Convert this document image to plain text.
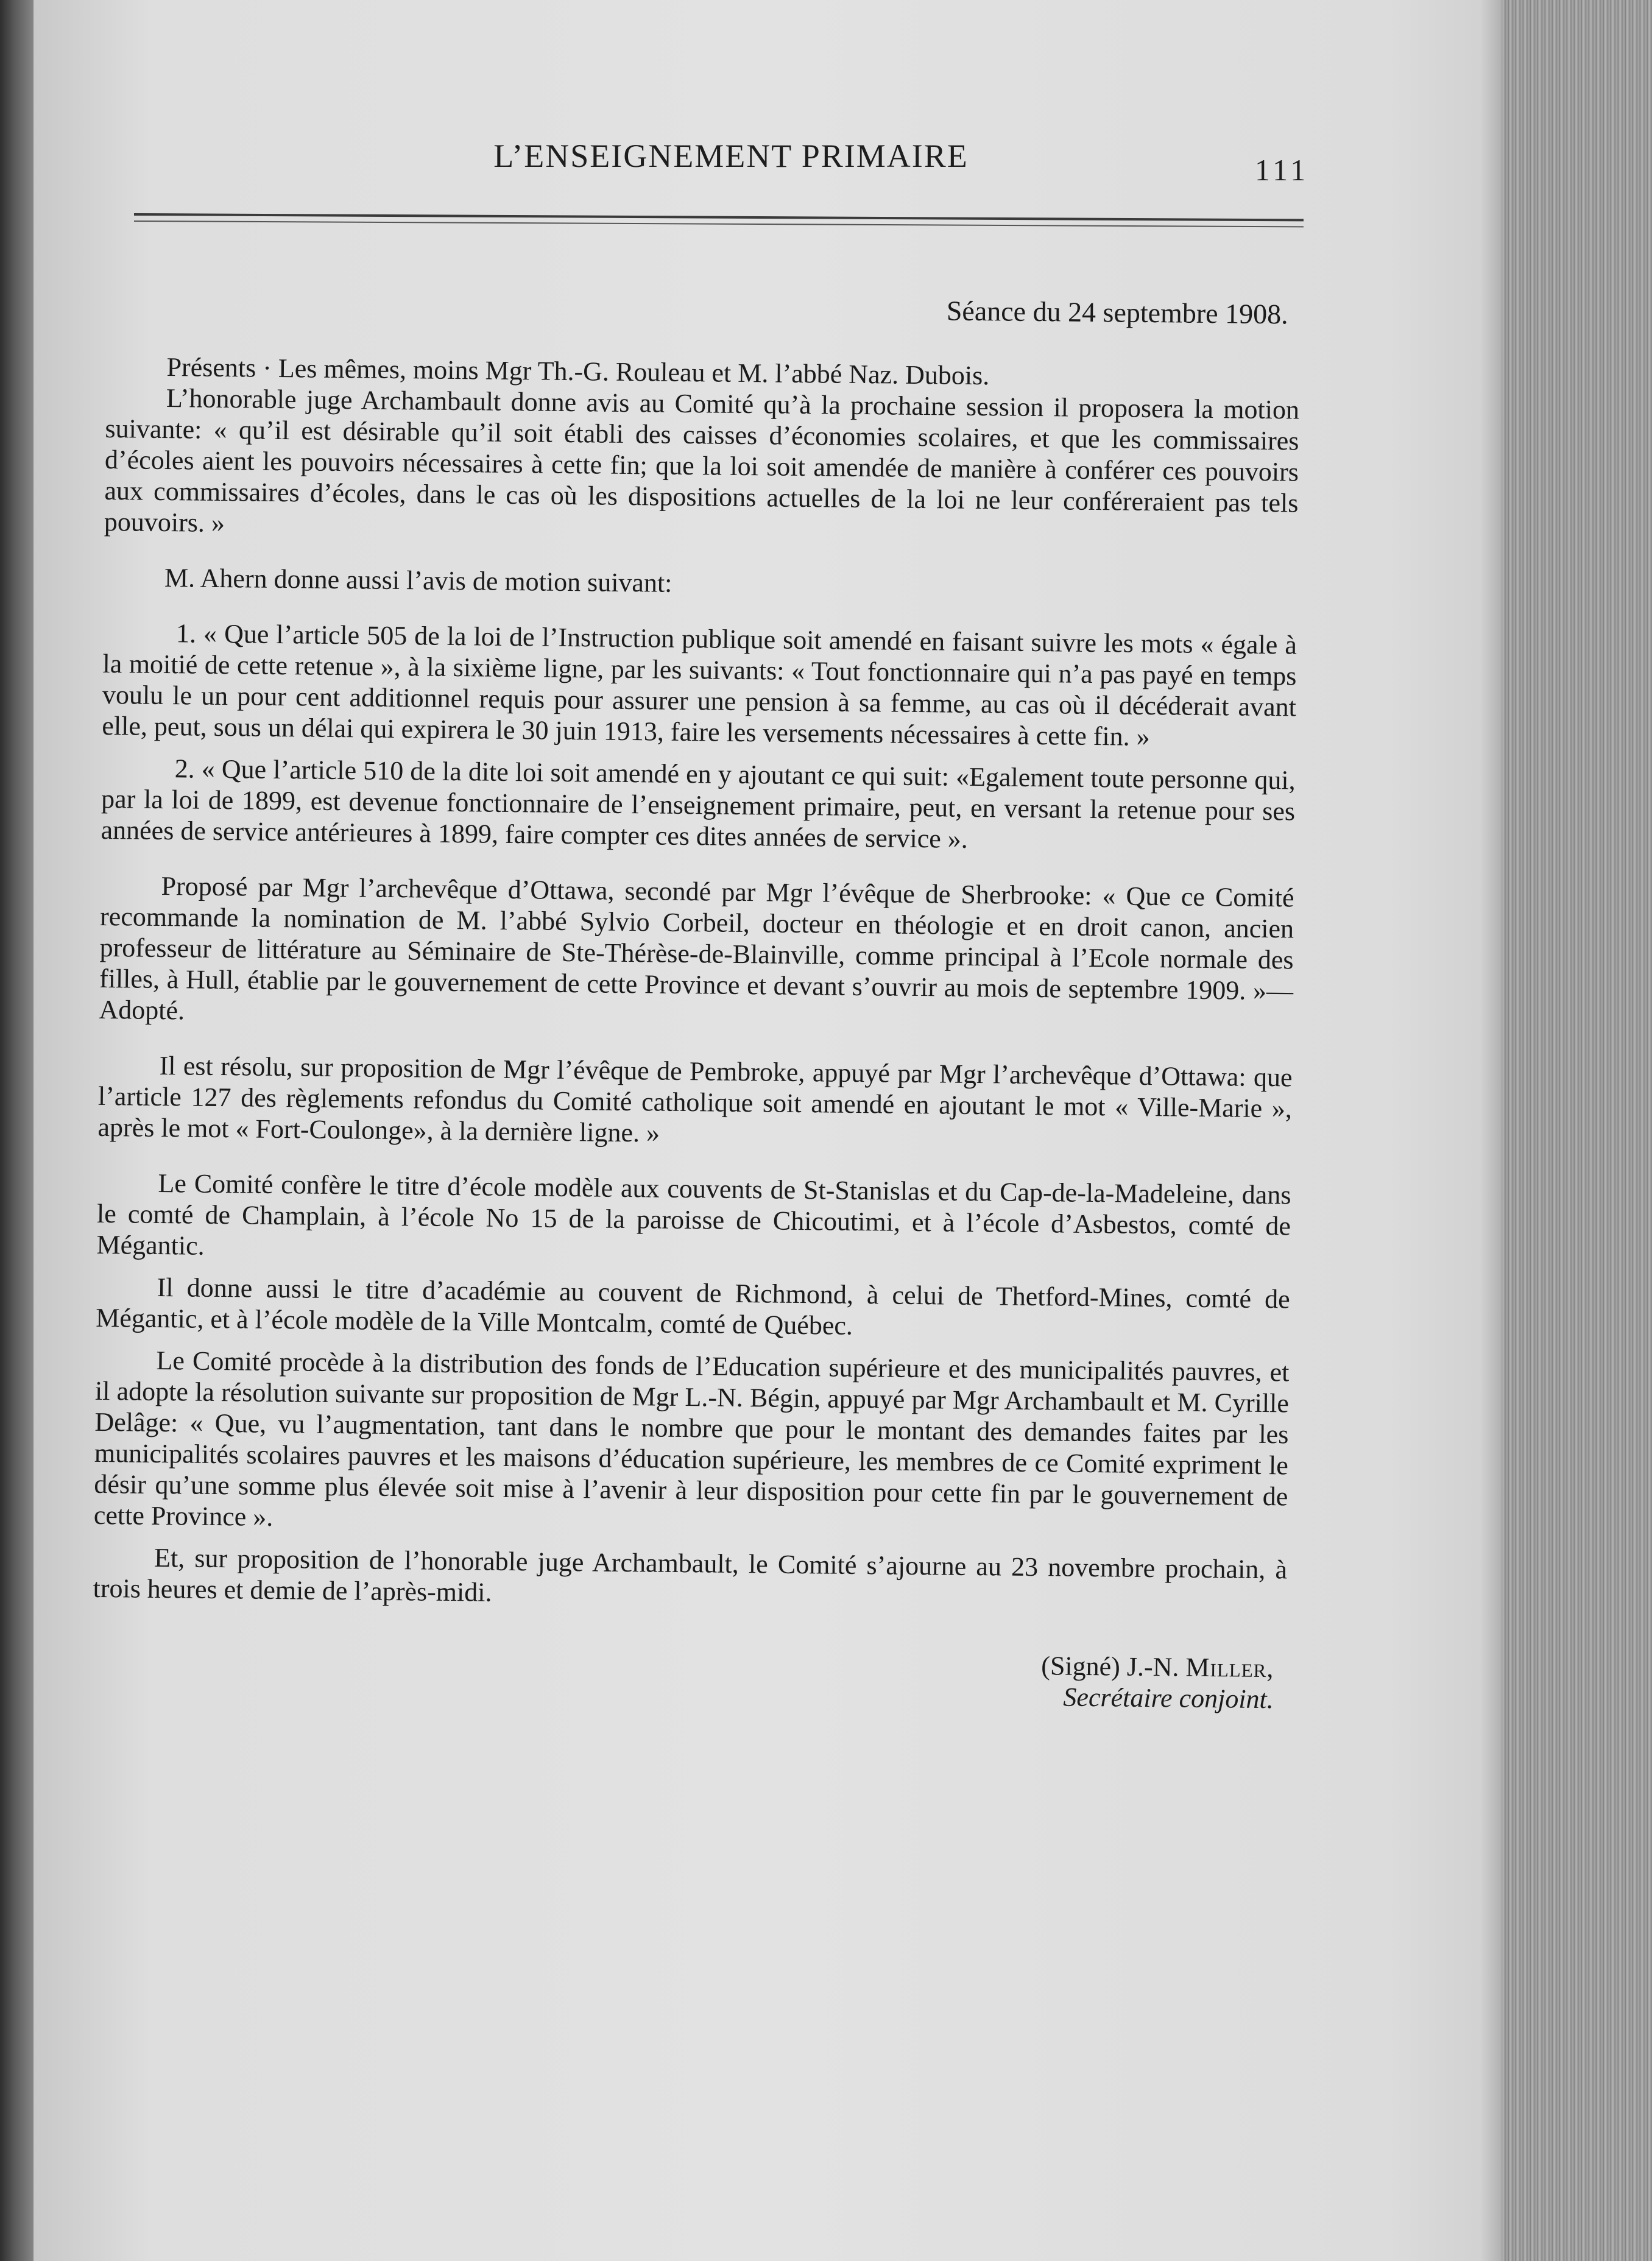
L’ENSEIGNEMENT PRIMAIRE	111

Séance du 24 septembre 1908.

Présents · Les mêmes, moins Mgr Th.-G. Rouleau et M. l’abbé Naz. Dubois.

L’honorable juge Archambault donne avis au Comité qu’à la prochaine session il proposera la motion suivante: « qu’il est désirable qu’il soit établi des caisses d’économies scolaires, et que les commissaires d’écoles aient les pouvoirs nécessaires à cette fin; que la loi soit amendée de manière à conférer ces pouvoirs aux commissaires d’écoles, dans le cas où les dispositions actuelles de la loi ne leur conféreraient pas tels pouvoirs. »

M. Ahern donne aussi l’avis de motion suivant:

1. « Que l’article 505 de la loi de l’Instruction publique soit amendé en faisant suivre les mots « égale à la moitié de cette retenue », à la sixième ligne, par les suivants: « Tout fonctionnaire qui n’a pas payé en temps voulu le un pour cent additionnel requis pour assurer une pension à sa femme, au cas où il décéderait avant elle, peut, sous un délai qui expirera le 30 juin 1913, faire les versements nécessaires à cette fin. »

2. « Que l’article 510 de la dite loi soit amendé en y ajoutant ce qui suit: «Egalement toute personne qui, par la loi de 1899, est devenue fonctionnaire de l’enseignement primaire, peut, en versant la retenue pour ses années de service antérieures à 1899, faire compter ces dites années de service ».

Proposé par Mgr l’archevêque d’Ottawa, secondé par Mgr l’évêque de Sherbrooke: « Que ce Comité recommande la nomination de M. l’abbé Sylvio Corbeil, docteur en théologie et en droit canon, ancien professeur de littérature au Séminaire de Ste-Thérèse-de-Blainville, comme principal à l’Ecole normale des filles, à Hull, établie par le gouvernement de cette Province et devant s’ouvrir au mois de septembre 1909. »— Adopté.

Il est résolu, sur proposition de Mgr l’évêque de Pembroke, appuyé par Mgr l’archevêque d’Ottawa: que l’article 127 des règlements refondus du Comité catholique soit amendé en ajoutant le mot « Ville-Marie », après le mot « Fort-Coulonge», à la dernière ligne. »

Le Comité confère le titre d’école modèle aux couvents de St-Stanislas et du Cap-de-la-Madeleine, dans le comté de Champlain, à l’école No 15 de la paroisse de Chicoutimi, et à l’école d’Asbestos, comté de Mégantic.

Il donne aussi le titre d’académie au couvent de Richmond, à celui de Thetford-Mines, comté de Mégantic, et à l’école modèle de la Ville Montcalm, comté de Québec.

Le Comité procède à la distribution des fonds de l’Education supérieure et des municipalités pauvres, et il adopte la résolution suivante sur proposition de Mgr L.-N. Bégin, appuyé par Mgr Archambault et M. Cyrille Delâge: « Que, vu l’augmentation, tant dans le nombre que pour le montant des demandes faites par les municipalités scolaires pauvres et les maisons d’éducation supérieure, les membres de ce Comité expriment le désir qu’une somme plus élevée soit mise à l’avenir à leur disposition pour cette fin par le gouvernement de cette Province ».

Et, sur proposition de l’honorable juge Archambault, le Comité s’ajourne au 23 novembre prochain, à trois heures et demie de l’après-midi.

(Signé) J.-N. Miller,

Secrétaire conjoint.
